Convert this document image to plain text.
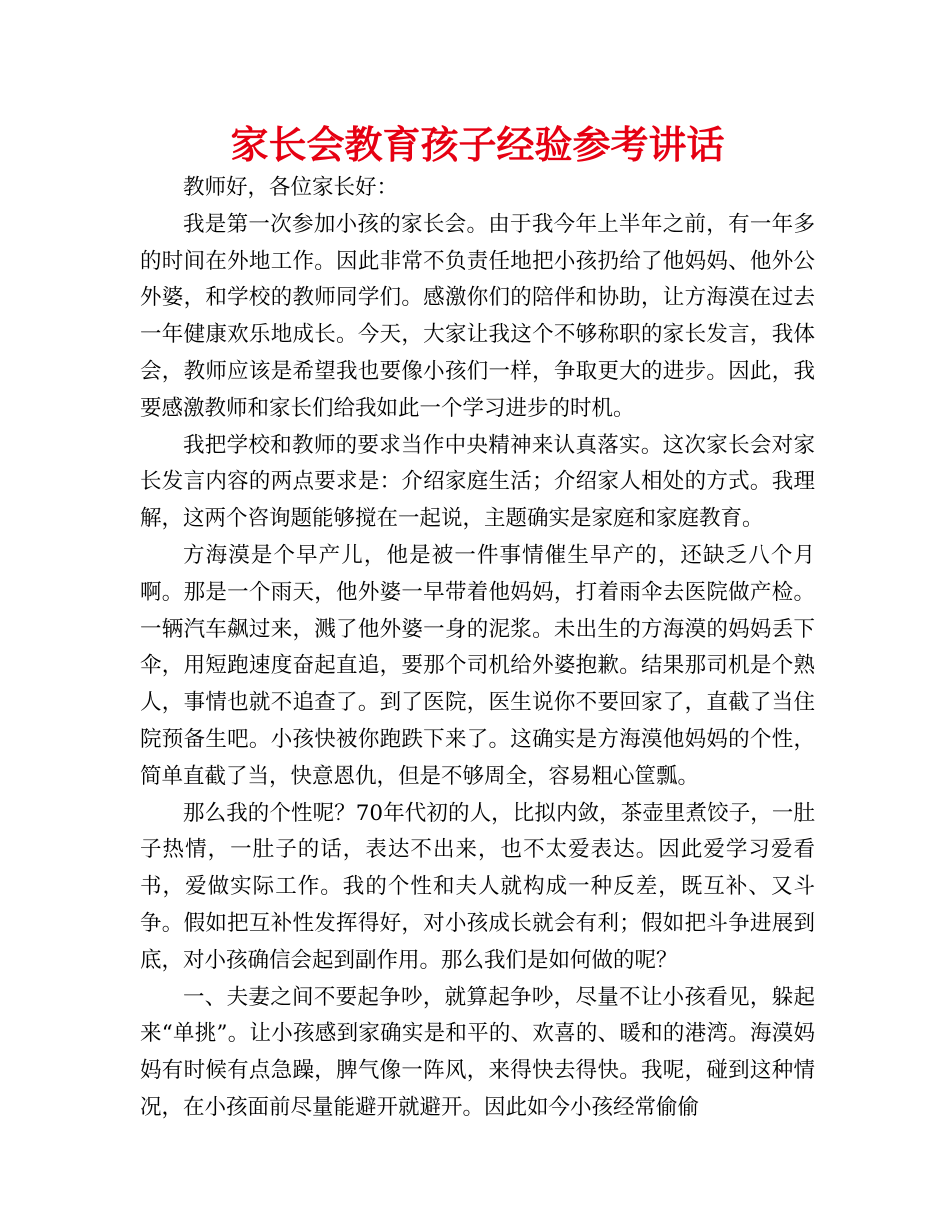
家长会教育孩子经验参考讲话

教师好，各位家长好：

我是第一次参加小孩的家长会。由于我今年上半年之前，有一年多的时间在外地工作。因此非常不负责任地把小孩扔给了他妈妈、他外公外婆，和学校的教师同学们。感激你们的陪伴和协助，让方海漠在过去一年健康欢乐地成长。今天，大家让我这个不够称职的家长发言，我体会，教师应该是希望我也要像小孩们一样，争取更大的进步。因此，我要感激教师和家长们给我如此一个学习进步的时机。

我把学校和教师的要求当作中央精神来认真落实。这次家长会对家长发言内容的两点要求是：介绍家庭生活；介绍家人相处的方式。我理解，这两个咨询题能够搅在一起说，主题确实是家庭和家庭教育。

方海漠是个早产儿，他是被一件事情催生早产的，还缺乏八个月啊。那是一个雨天，他外婆一早带着他妈妈，打着雨伞去医院做产检。一辆汽车飙过来，溅了他外婆一身的泥浆。未出生的方海漠的妈妈丢下伞，用短跑速度奋起直追，要那个司机给外婆抱歉。结果那司机是个熟人，事情也就不追查了。到了医院，医生说你不要回家了，直截了当住院预备生吧。小孩快被你跑跌下来了。这确实是方海漠他妈妈的个性，简单直截了当，快意恩仇，但是不够周全，容易粗心筐瓢。

那么我的个性呢？70年代初的人，比拟内敛，茶壶里煮饺子，一肚子热情，一肚子的话，表达不出来，也不太爱表达。因此爱学习爱看书，爱做实际工作。我的个性和夫人就构成一种反差，既互补、又斗争。假如把互补性发挥得好，对小孩成长就会有利；假如把斗争进展到底，对小孩确信会起到副作用。那么我们是如何做的呢？

一、夫妻之间不要起争吵，就算起争吵，尽量不让小孩看见，躲起来“单挑”。让小孩感到家确实是和平的、欢喜的、暖和的港湾。海漠妈妈有时候有点急躁，脾气像一阵风，来得快去得快。我呢，碰到这种情况，在小孩面前尽量能避开就避开。因此如今小孩经常偷偷
